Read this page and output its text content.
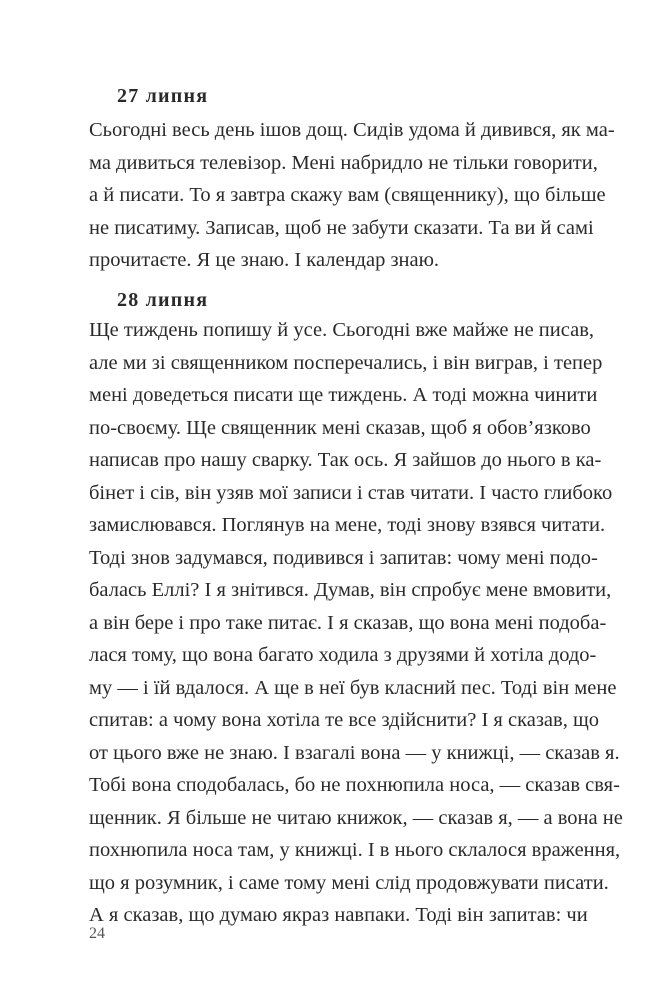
27 липня
Сьогодні весь день ішов дощ. Сидів удома й дивився, як ма-
ма дивиться телевізор. Мені набридло не тільки говорити,
а й писати. То я завтра скажу вам (священнику), що більше
не писатиму. Записав, щоб не забути сказати. Та ви й самі
прочитаєте. Я це знаю. І календар знаю.
28 липня
Ще тиждень попишу й усе. Сьогодні вже майже не писав,
але ми зі священником посперечались, і він виграв, і тепер
мені доведеться писати ще тиждень. А тоді можна чинити
по-своєму. Ще священник мені сказав, щоб я обов’язково
написав про нашу сварку. Так ось. Я зайшов до нього в ка-
бінет і сів, він узяв мої записи і став читати. І часто глибоко
замислювався. Поглянув на мене, тоді знову взявся читати.
Тоді знов задумався, подивився і запитав: чому мені подо-
балась Еллі? І я знітився. Думав, він спробує мене вмовити,
а він бере і про таке питає. І я сказав, що вона мені подоба-
лася тому, що вона багато ходила з друзями й хотіла додо-
му — і їй вдалося. А ще в неї був класний пес. Тоді він мене
спитав: а чому вона хотіла те все здійснити? І я сказав, що
от цього вже не знаю. І взагалі вона — у книжці, — сказав я.
Тобі вона сподобалась, бо не похнюпила носа, — сказав свя-
щенник. Я більше не читаю книжок, — сказав я, — а вона не
похнюпила носа там, у книжці. І в нього склалося враження,
що я розумник, і саме тому мені слід продовжувати писати.
А я сказав, що думаю якраз навпаки. Тоді він запитав: чи
24
